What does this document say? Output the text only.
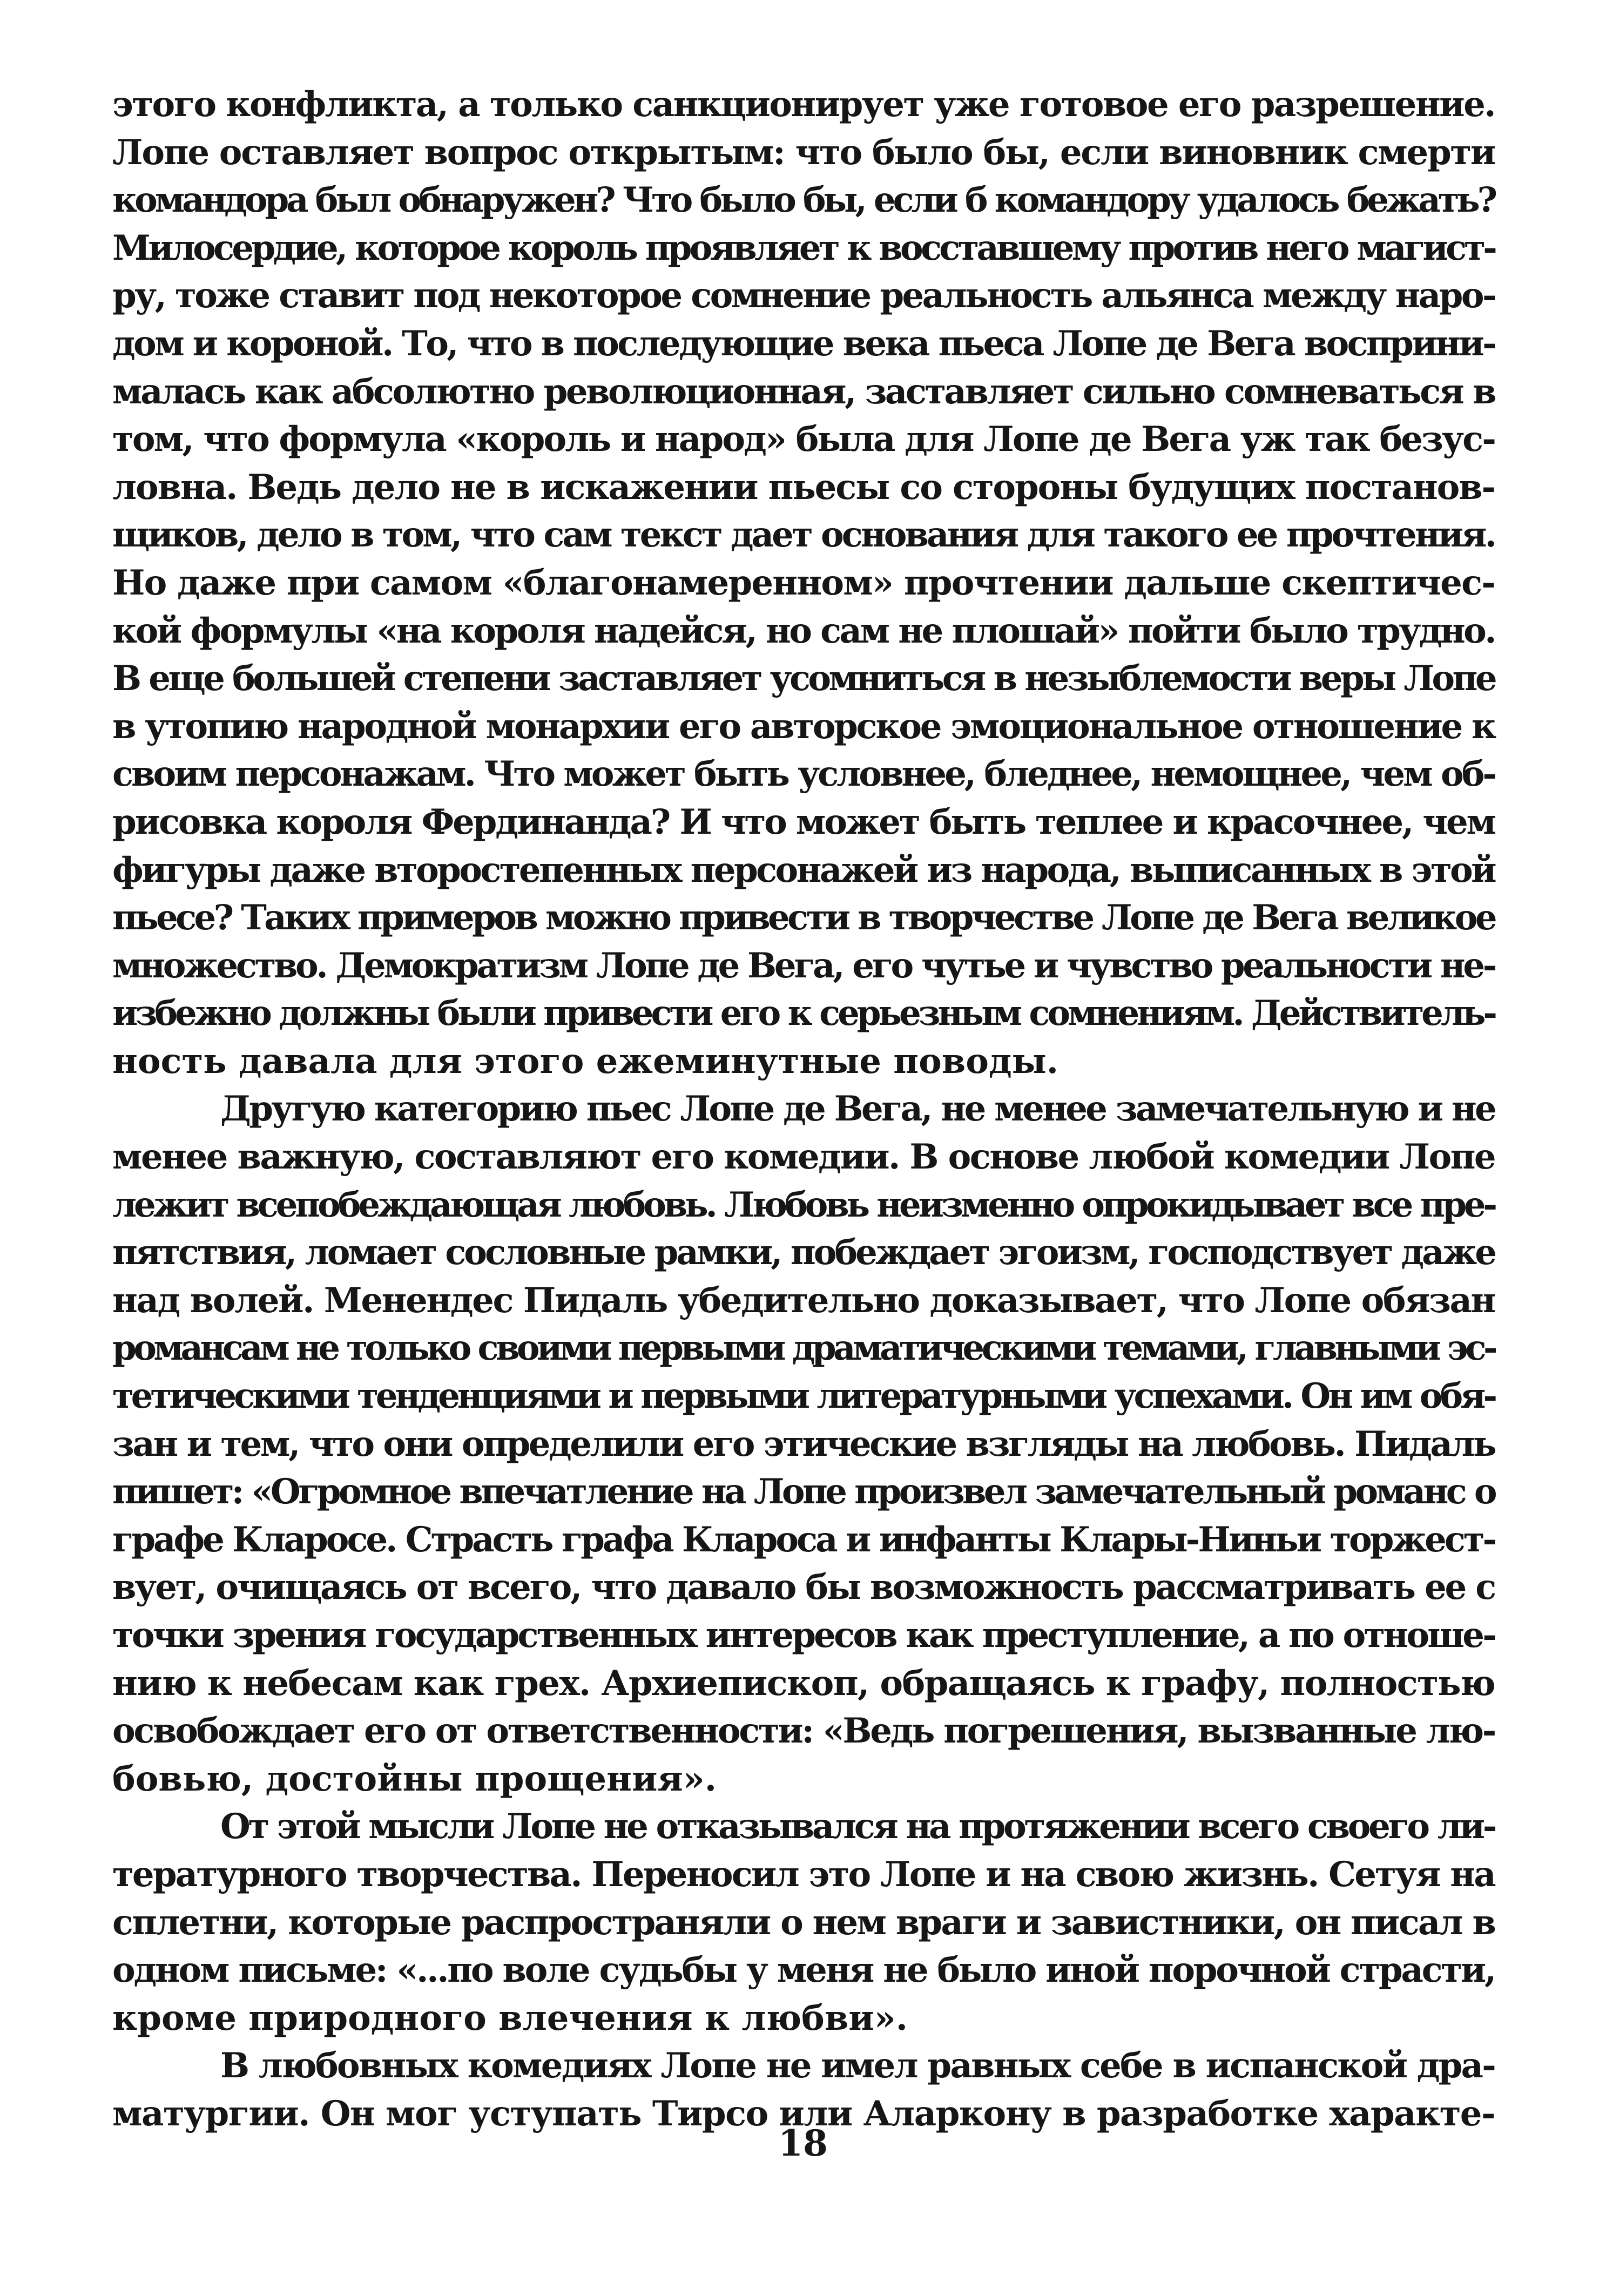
этого конфликта, а только санкционирует уже готовое его разрешение.
Лопе оставляет вопрос открытым: что было бы, если виновник смерти
командора был обнаружен? Что было бы, если б командору удалось бежать?
Милосердие, которое король проявляет к восставшему против него магист-
ру, тоже ставит под некоторое сомнение реальность альянса между наро-
дом и короной. То, что в последующие века пьеса Лопе де Вега восприни-
малась как абсолютно революционная, заставляет сильно сомневаться в
том, что формула «король и народ» была для Лопе де Вега уж так безус-
ловна. Ведь дело не в искажении пьесы со стороны будущих постанов-
щиков, дело в том, что сам текст дает основания для такого ее прочтения.
Но даже при самом «благонамеренном» прочтении дальше скептичес-
кой формулы «на короля надейся, но сам не плошай» пойти было трудно.
В еще большей степени заставляет усомниться в незыблемости веры Лопе
в утопию народной монархии его авторское эмоциональное отношение к
своим персонажам. Что может быть условнее, бледнее, немощнее, чем об-
рисовка короля Фердинанда? И что может быть теплее и красочнее, чем
фигуры даже второстепенных персонажей из народа, выписанных в этой
пьесе? Таких примеров можно привести в творчестве Лопе де Вега великое
множество. Демократизм Лопе де Вега, его чутье и чувство реальности не-
избежно должны были привести его к серьезным сомнениям. Действитель-
ность давала для этого ежеминутные поводы.
Другую категорию пьес Лопе де Вега, не менее замечательную и не
менее важную, составляют его комедии. В основе любой комедии Лопе
лежит всепобеждающая любовь. Любовь неизменно опрокидывает все пре-
пятствия, ломает сословные рамки, побеждает эгоизм, господствует даже
над волей. Менендес Пидаль убедительно доказывает, что Лопе обязан
романсам не только своими первыми драматическими темами, главными эс-
тетическими тенденциями и первыми литературными успехами. Он им обя-
зан и тем, что они определили его этические взгляды на любовь. Пидаль
пишет: «Огромное впечатление на Лопе произвел замечательный романс о
графе Кларосе. Страсть графа Клароса и инфанты Клары-Ниньи торжест-
вует, очищаясь от всего, что давало бы возможность рассматривать ее с
точки зрения государственных интересов как преступление, а по отноше-
нию к небесам как грех. Архиепископ, обращаясь к графу, полностью
освобождает его от ответственности: «Ведь погрешения, вызванные лю-
бовью, достойны прощения».
От этой мысли Лопе не отказывался на протяжении всего своего ли-
тературного творчества. Переносил это Лопе и на свою жизнь. Сетуя на
сплетни, которые распространяли о нем враги и завистники, он писал в
одном письме: «...по воле судьбы у меня не было иной порочной страсти,
кроме природного влечения к любви».
В любовных комедиях Лопе не имел равных себе в испанской дра-
матургии. Он мог уступать Тирсо или Аларкону в разработке характе-
18
